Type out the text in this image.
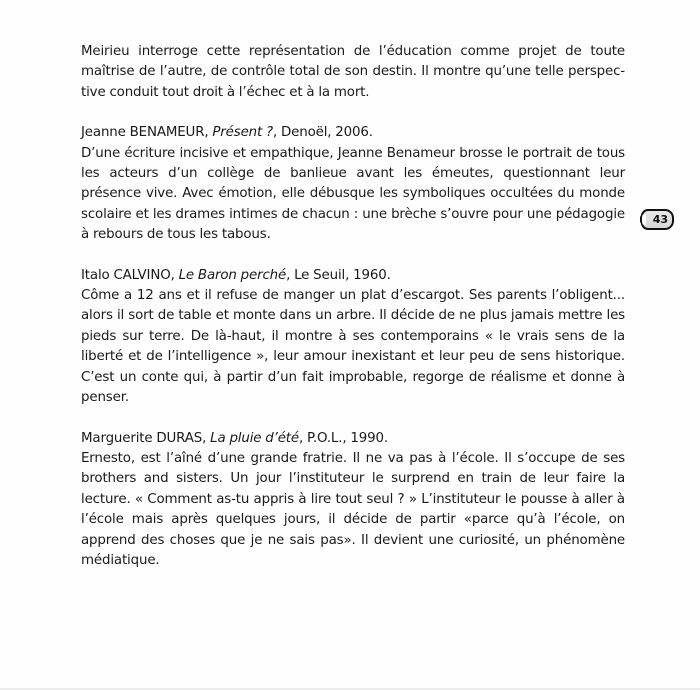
Meirieu interroge cette représentation de l’éducation comme projet de toute maîtrise de l’autre, de contrôle total de son destin. Il montre qu’une telle perspec-tive conduit tout droit à l’échec et à la mort.

Jeanne BENAMEUR, Présent ?, Denoël, 2006.

D’une écriture incisive et empathique, Jeanne Benameur brosse le portrait de tous les acteurs d’un collège de banlieue avant les émeutes, questionnant leur présence vive. Avec émotion, elle débusque les symboliques occultées du monde scolaire et les drames intimes de chacun : une brèche s’ouvre pour une pédagogie à rebours de tous les tabous.

Italo CALVINO, Le Baron perché, Le Seuil, 1960.

Côme a 12 ans et il refuse de manger un plat d’escargot. Ses parents l’obligent... alors il sort de table et monte dans un arbre. Il décide de ne plus jamais mettre les pieds sur terre. De là-haut, il montre à ses contemporains « le vrais sens de la liberté et de l’intelligence », leur amour inexistant et leur peu de sens historique. C’est un conte qui, à partir d’un fait improbable, regorge de réalisme et donne à penser.

Marguerite DURAS, La pluie d’été, P.O.L., 1990.

Ernesto, est l’aîné d’une grande fratrie. Il ne va pas à l’école. Il s’occupe de ses brothers and sisters. Un jour l’instituteur le surprend en train de leur faire la lecture. « Comment as-tu appris à lire tout seul ? » L’instituteur le pousse à aller à l’école mais après quelques jours, il décide de partir «parce qu’à l’école, on apprend des choses que je ne sais pas». Il devient une curiosité, un phénomène médiatique.

43
